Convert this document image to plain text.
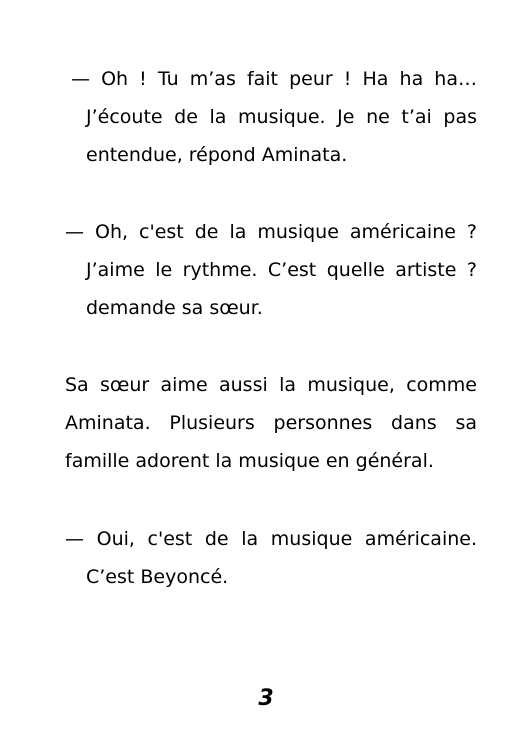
— Oh ! Tu m’as fait peur ! Ha ha ha…
J’écoute de la musique. Je ne t’ai pas
entendue, répond Aminata.
— Oh, c'est de la musique américaine ?
J’aime le rythme. C’est quelle artiste ?
demande sa sœur.
Sa sœur aime aussi la musique, comme
Aminata. Plusieurs personnes dans sa
famille adorent la musique en général.
— Oui, c'est de la musique américaine.
C’est Beyoncé.
3
